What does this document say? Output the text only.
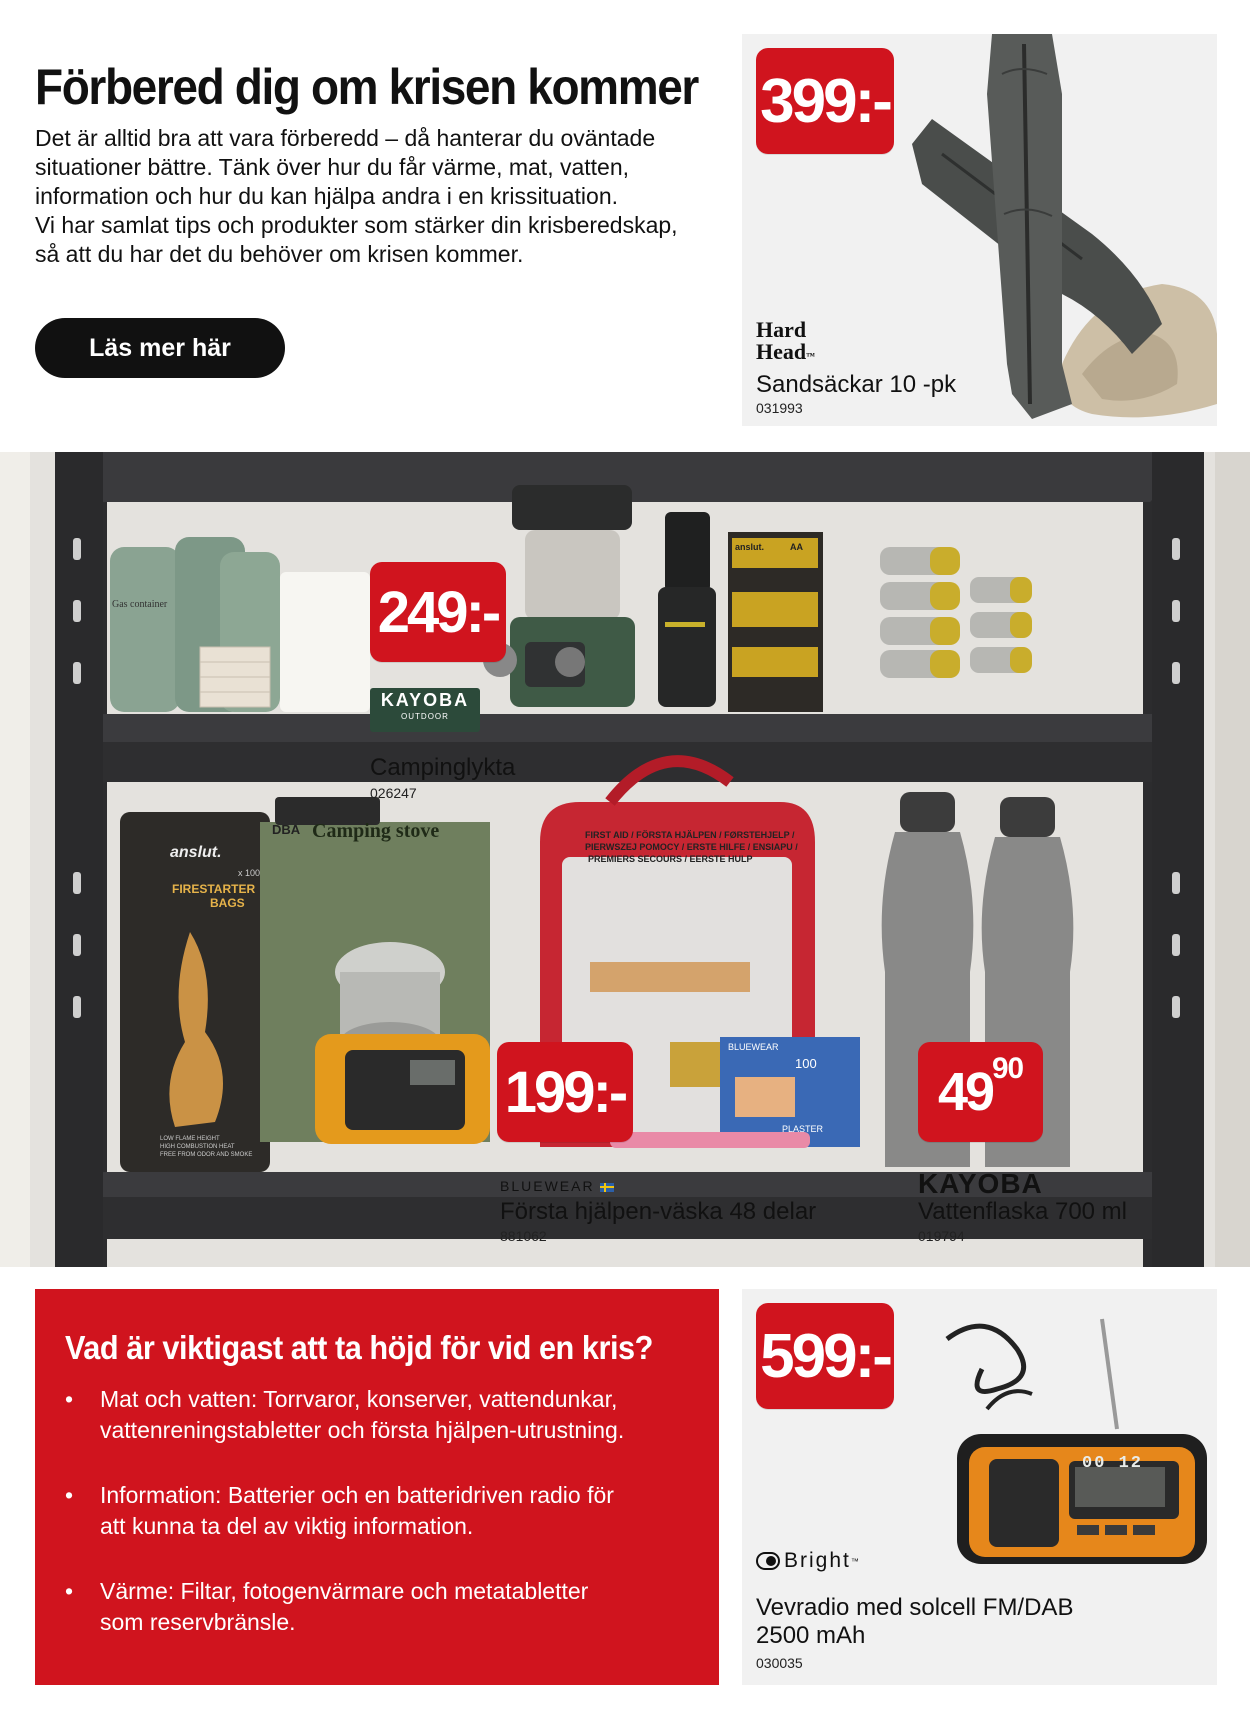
Förbered dig om krisen kommer

Det är alltid bra att vara förberedd – då hanterar du oväntade

situationer bättre. Tänk över hur du får värme, mat, vatten,

information och hur du kan hjälpa andra i en krissituation.

Vi har samlat tips och produkter som stärker din krisberedskap,

så att du har det du behöver om krisen kommer.

Läs mer här
399:-
Hard
Head™
Sandsäckar 10 -pk
031993
Gas container
DBA Camping stove
anslut.
x 100
FIRESTARTER
BAGS
LOW FLAME HEIGHT
HIGH COMBUSTION HEAT
FREE FROM ODOR AND SMOKE
FIRST AID / FÖRSTA HJÄLPEN / FØRSTEHJELP /
PIERWSZEJ POMOCY / ERSTE HILFE / ENSIAPU /
PREMIERS SECOURS / EERSTE HULP
anslut.	AA
BLUEWEAR
100
PLASTER
249:-
KAYOBA
OUTDOOR
Campinglykta
026247
199:-
BLUEWEAR
Första hjälpen-väska 48 delar
881062
49 90
KAYOBA
Vattenflaska 700 ml
019794
Vad är viktigast att ta höjd för vid en kris?
• Mat och vatten: Torrvaror, konserver, vattendunkar,
vattenreningstabletter och första hjälpen-utrustning.
• Information: Batterier och en batteridriven radio för
att kunna ta del av viktig information.
• Värme: Filtar, fotogenvärmare och metatabletter
som reservbränsle.
00 12
599:-
Bright ™
Vevradio med solcell FM/DAB
2500 mAh
030035
